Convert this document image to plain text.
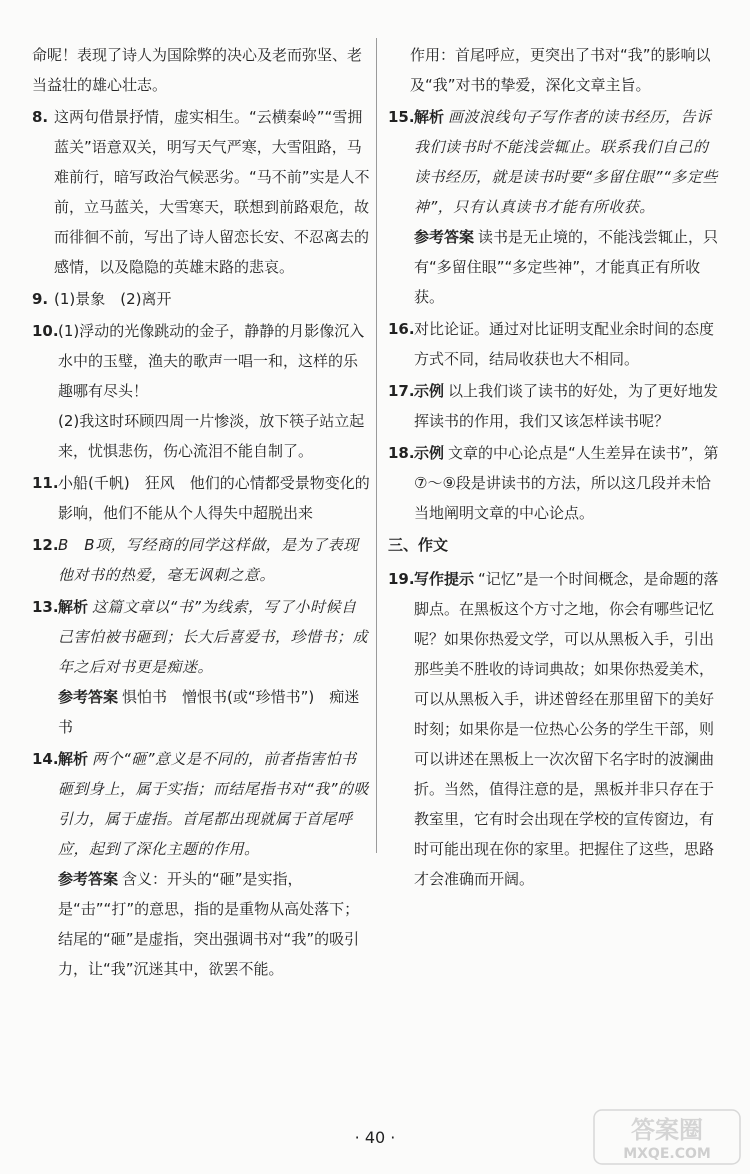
命呢！表现了诗人为国除弊的决心及老而弥坚、老当益壮的雄心壮志。

8. 这两句借景抒情，虚实相生。“云横秦岭”“雪拥蓝关”语意双关，明写天气严寒，大雪阻路，马难前行，暗写政治气候恶劣。“马不前”实是人不前，立马蓝关，大雪寒天，联想到前路艰危，故而徘徊不前，写出了诗人留恋长安、不忍离去的感情，以及隐隐的英雄末路的悲哀。
9. (1)景象　(2)离开
10. (1)浮动的光像跳动的金子，静静的月影像沉入水中的玉璧，渔夫的歌声一唱一和，这样的乐趣哪有尽头！

(2)我这时环顾四周一片惨淡，放下筷子站立起来，忧惧悲伤，伤心流泪不能自制了。

11. 小船(千帆)　狂风　他们的心情都受景物变化的影响，他们不能从个人得失中超脱出来
12. B　B项，写经商的同学这样做，是为了表现他对书的热爱，毫无讽刺之意。
13. 解析 这篇文章以“书”为线索，写了小时候自己害怕被书砸到；长大后喜爱书，珍惜书；成年之后对书更是痴迷。

参考答案 惧怕书　憎恨书(或“珍惜书”)　痴迷书

14. 解析 两个“砸”意义是不同的，前者指害怕书砸到身上，属于实指；而结尾指书对“我”的吸引力，属于虚指。首尾都出现就属于首尾呼应，起到了深化主题的作用。

参考答案 含义：开头的“砸”是实指，是“击”“打”的意思，指的是重物从高处落下；结尾的“砸”是虚指，突出强调书对“我”的吸引力，让“我”沉迷其中，欲罢不能。

作用：首尾呼应，更突出了书对“我”的影响以及“我”对书的挚爱，深化文章主旨。

15. 解析 画波浪线句子写作者的读书经历，告诉我们读书时不能浅尝辄止。联系我们自己的读书经历，就是读书时要“多留住眼”“多定些神”，只有认真读书才能有所收获。

参考答案 读书是无止境的，不能浅尝辄止，只有“多留住眼”“多定些神”，才能真正有所收获。

16. 对比论证。通过对比证明支配业余时间的态度方式不同，结局收获也大不相同。
17. 示例 以上我们谈了读书的好处，为了更好地发挥读书的作用，我们又该怎样读书呢？
18. 示例 文章的中心论点是“人生差异在读书”，第⑦～⑨段是讲读书的方法，所以这几段并未恰当地阐明文章的中心论点。

三、作文

19. 写作提示 “记忆”是一个时间概念，是命题的落脚点。在黑板这个方寸之地，你会有哪些记忆呢？如果你热爱文学，可以从黑板入手，引出那些美不胜收的诗词典故；如果你热爱美术，可以从黑板入手，讲述曾经在那里留下的美好时刻；如果你是一位热心公务的学生干部，则可以讲述在黑板上一次次留下名字时的波澜曲折。当然，值得注意的是，黑板并非只存在于教室里，它有时会出现在学校的宣传窗边，有时可能出现在你的家里。把握住了这些，思路才会准确而开阔。
· 40 ·	答案圈
MXQE.COM
